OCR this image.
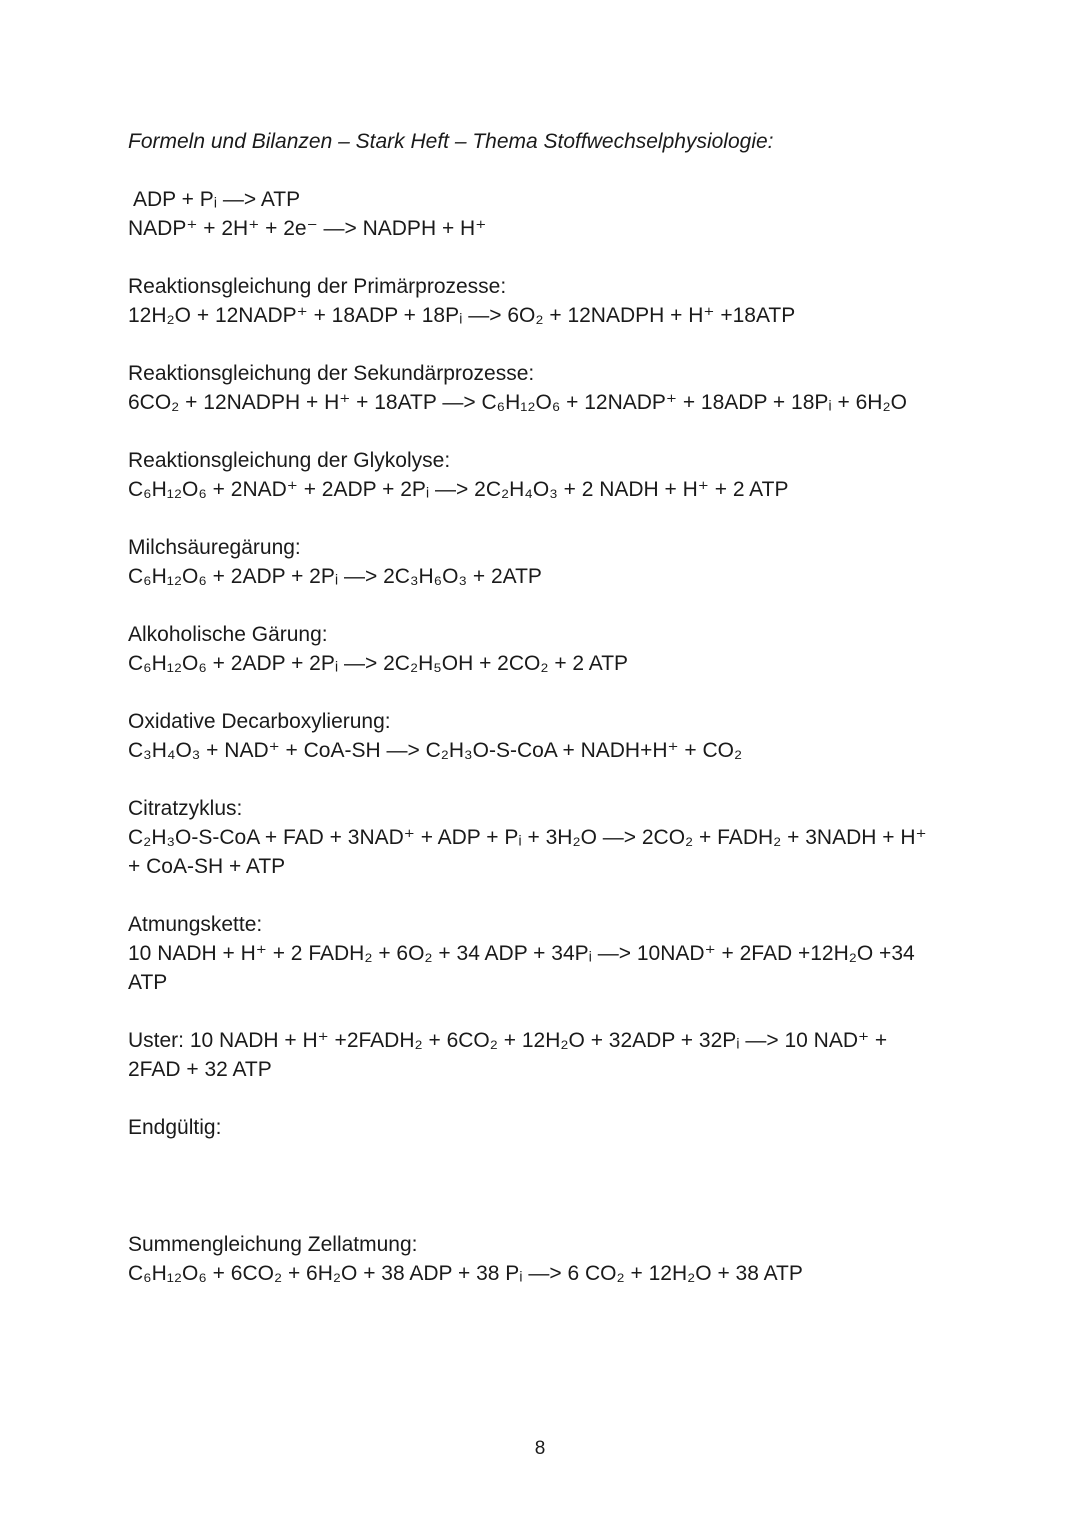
Formeln und Bilanzen – Stark Heft – Thema Stoffwechselphysiologie:
ADP + Pᵢ —> ATP
NADP⁺ + 2H⁺ + 2e⁻ —> NADPH + H⁺
Reaktionsgleichung der Primärprozesse:
12H₂O + 12NADP⁺ + 18ADP + 18Pᵢ —> 6O₂ + 12NADPH + H⁺ +18ATP
Reaktionsgleichung der Sekundärprozesse:
6CO₂ + 12NADPH + H⁺ + 18ATP —> C₆H₁₂O₆ + 12NADP⁺ + 18ADP + 18Pᵢ + 6H₂O
Reaktionsgleichung der Glykolyse:
C₆H₁₂O₆ + 2NAD⁺ + 2ADP + 2Pᵢ —> 2C₂H₄O₃ + 2 NADH + H⁺ + 2 ATP
Milchsäuregärung:
C₆H₁₂O₆ + 2ADP + 2Pᵢ —> 2C₃H₆O₃ + 2ATP
Alkoholische Gärung:
C₆H₁₂O₆ + 2ADP + 2Pᵢ —> 2C₂H₅OH + 2CO₂ + 2 ATP
Oxidative Decarboxylierung:
C₃H₄O₃ + NAD⁺ + CoA-SH —> C₂H₃O-S-CoA + NADH+H⁺ + CO₂
Citratzyklus:
C₂H₃O-S-CoA + FAD + 3NAD⁺ + ADP + Pᵢ + 3H₂O —> 2CO₂ + FADH₂ + 3NADH + H⁺
+ CoA-SH + ATP
Atmungskette:
10 NADH + H⁺ + 2 FADH₂ + 6O₂ + 34 ADP + 34Pᵢ —> 10NAD⁺ + 2FAD +12H₂O +34
ATP
Uster: 10 NADH + H⁺ +2FADH₂ + 6CO₂ + 12H₂O + 32ADP + 32Pᵢ —> 10 NAD⁺ +
2FAD + 32 ATP
Endgültig:
Summengleichung Zellatmung:
C₆H₁₂O₆ + 6CO₂ + 6H₂O + 38 ADP + 38 Pᵢ —> 6 CO₂ + 12H₂O + 38 ATP
8
